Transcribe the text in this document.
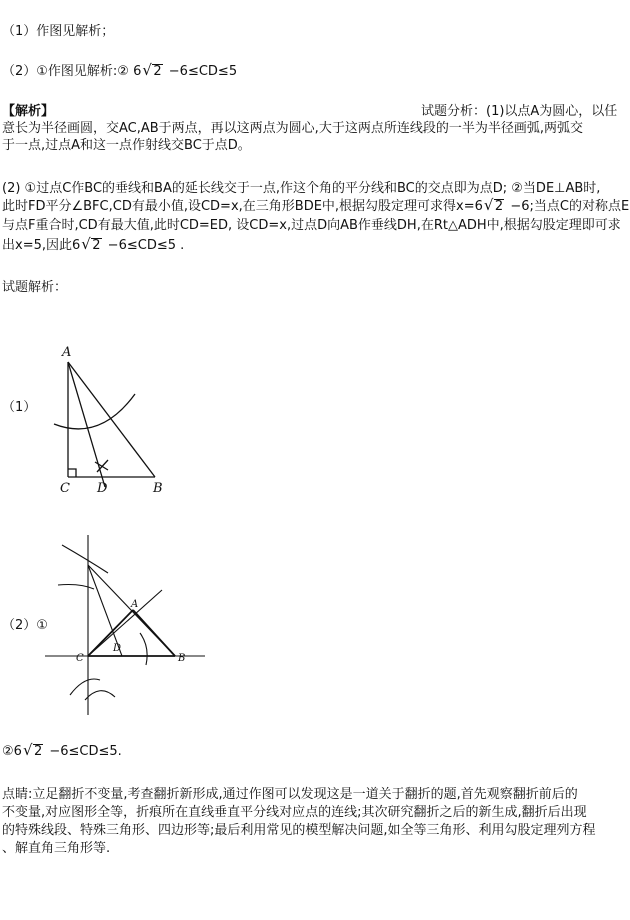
（1）作图见解析；
（2）①作图见解析:② 6 √ 2 −6≤CD≤5
【解析】	试题分析：(1)以点A为圆心，以任
意长为半径画圆，交AC,AB于两点，再以这两点为圆心,大于这两点所连线段的一半为半径画弧,两弧交
于一点,过点A和这一点作射线交BC于点D。
(2) ①过点C作BC的垂线和BA的延长线交于一点,作这个角的平分线和BC的交点即为点D; ②当DE⊥AB时,
此时FD平分∠BFC,CD有最小值,设CD=x,在三角形BDE中,根据勾股定理可求得x=6 √ 2 −6;当点C的对称点E
与点F重合时,CD有最大值,此时CD=ED, 设CD=x,过点D向AB作垂线DH,在Rt△ADH中,根据勾股定理即可求
出x=5,因此6 √ 2 −6≤CD≤5 .
试题解析：
（1）
A
C D	B
（2）①
A
C
D
B
②6 √ 2 −6≤CD≤5.
点睛:立足翻折不变量,考查翻折新形成,通过作图可以发现这是一道关于翻折的题,首先观察翻折前后的
不变量,对应图形全等，折痕所在直线垂直平分线对应点的连线;其次研究翻折之后的新生成,翻折后出现
的特殊线段、特殊三角形、四边形等;最后利用常见的模型解决问题,如全等三角形、利用勾股定理列方程
、解直角三角形等.
